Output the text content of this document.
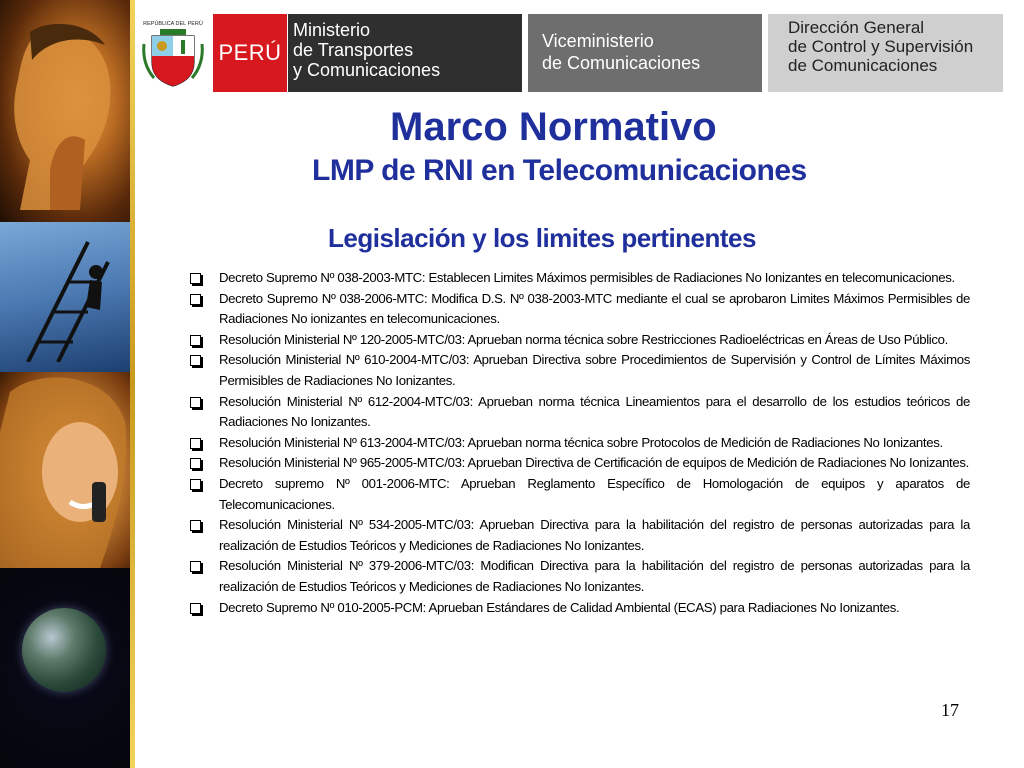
REPÚBLICA DEL PERÚ
PERÚ
Ministerio
de Transportes
y Comunicaciones
Viceministerio
de Comunicaciones
Dirección General
de Control y Supervisión
de Comunicaciones
Marco Normativo
LMP de RNI en Telecomunicaciones
Legislación y los limites pertinentes
Decreto Supremo Nº 038-2003-MTC: Establecen Limites Máximos permisibles de Radiaciones No Ionizantes en telecomunicaciones.
Decreto Supremo Nº 038-2006-MTC: Modifica D.S. Nº 038-2003-MTC mediante el cual se aprobaron Limites Máximos Permisibles de Radiaciones No ionizantes en telecomunicaciones.
Resolución Ministerial Nº 120-2005-MTC/03: Aprueban norma técnica sobre Restricciones Radioeléctricas en Áreas de Uso Público.
Resolución Ministerial Nº 610-2004-MTC/03: Aprueban Directiva sobre Procedimientos de Supervisión y Control de Límites Máximos Permisibles de Radiaciones No Ionizantes.
Resolución Ministerial Nº 612-2004-MTC/03: Aprueban norma técnica Lineamientos para el desarrollo de los estudios teóricos de Radiaciones No Ionizantes.
Resolución Ministerial Nº 613-2004-MTC/03: Aprueban norma técnica sobre Protocolos de Medición de Radiaciones No Ionizantes.
Resolución Ministerial Nº 965-2005-MTC/03: Aprueban Directiva de Certificación de equipos de Medición de Radiaciones No Ionizantes.
Decreto supremo Nº 001-2006-MTC: Aprueban Reglamento Específico de Homologación de equipos y aparatos de Telecomunicaciones.
Resolución Ministerial Nº 534-2005-MTC/03: Aprueban Directiva para la habilitación del registro de personas autorizadas para la realización de Estudios Teóricos y Mediciones de Radiaciones No Ionizantes.
Resolución Ministerial Nº 379-2006-MTC/03: Modifican Directiva para la habilitación del registro de personas autorizadas para la realización de Estudios Teóricos y Mediciones de Radiaciones No Ionizantes.
Decreto Supremo Nº 010-2005-PCM: Aprueban Estándares de Calidad Ambiental (ECAS) para Radiaciones No Ionizantes.
17
